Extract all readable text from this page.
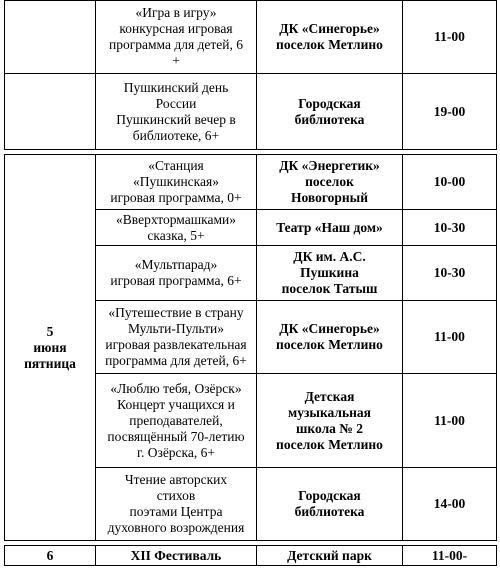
	«Игра в игру»
конкурсная игровая
программа для детей, 6
+	ДК «Синегорье»
поселок Метлино	11-00

	Пушкинский день
России
Пушкинский вечер в
библиотеке, 6+	Городская
библиотека	19-00

5
июня
пятница	«Станция
«Пушкинская»
игровая программа, 0+	ДК «Энергетик»
поселок
Новогорный	10-00

	«Вверхтормашками»
сказка, 5+	Театр «Наш дом»	10-30

	«Мультпарад»
игровая программа, 6+	ДК им. А.С.
Пушкина
поселок Татыш	10-30

	«Путешествие в страну
Мульти-Пульти»
игровая развлекательная
программа для детей, 6+	ДК «Синегорье»
поселок Метлино	11-00

	«Люблю тебя, Озёрск»
Концерт учащихся и
преподавателей,
посвящённый 70-летию
г. Озёрска, 6+	Детская
музыкальная
школа № 2
поселок Метлино	11-00

	Чтение авторских
стихов
поэтами Центра
духовного возрождения	Городская
библиотека	14-00

6	XII Фестиваль	Детский парк	11-00-
